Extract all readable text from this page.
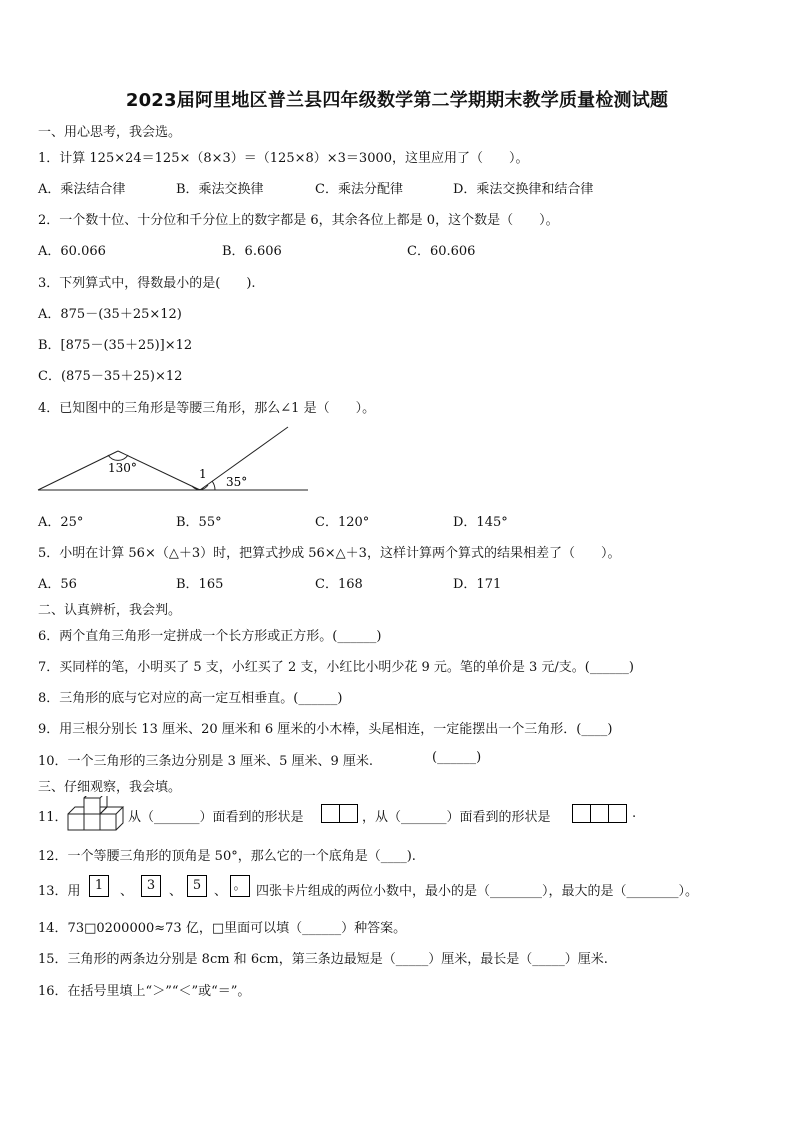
2023届阿里地区普兰县四年级数学第二学期期末教学质量检测试题
一、用心思考，我会选。
1．计算 125×24＝125×（8×3）＝（125×8）×3＝3000，这里应用了（　　）。
A．乘法结合律	B．乘法交换律	C．乘法分配律	D．乘法交换律和结合律
2．一个数十位、十分位和千分位上的数字都是 6，其余各位上都是 0，这个数是（　　）。
A．60.066	B．6.606	C．60.606
3．下列算式中，得数最小的是(　　).
A．875－(35＋25×12)
B．[875－(35＋25)]×12
C．(875－35＋25)×12
4．已知图中的三角形是等腰三角形，那么∠1 是（　　）。
130°	1
35°
A．25°	B．55°	C．120°	D．145°
5．小明在计算 56×（△＋3）时，把算式抄成 56×△＋3，这样计算两个算式的结果相差了（　　）。
A．56	B．165	C．168	D．171
二、认真辨析，我会判。
6．两个直角三角形一定拼成一个长方形或正方形。(______)
7．买同样的笔，小明买了 5 支，小红买了 2 支，小红比小明少花 9 元。笔的单价是 3 元/支。(______)
8．三角形的底与它对应的高一定互相垂直。(______)
9．用三根分别长 13 厘米、20 厘米和 6 厘米的小木棒，头尾相连，一定能摆出一个三角形．(____)
10．一个三角形的三条边分别是 3 厘米、5 厘米、9 厘米.	(______)
三、仔细观察，我会填。
11．	从（_______）面看到的形状是	，从（_______）面看到的形状是	.
12．一个等腰三角形的顶角是 50°，那么它的一个底角是（____).
13．用	1	、	3	、 5 、 。 四张卡片组成的两位小数中，最小的是（________），最大的是（________）。
14．73□0200000≈73 亿，□里面可以填（______）种答案。
15．三角形的两条边分别是 8cm 和 6cm，第三条边最短是（_____）厘米，最长是（_____）厘米.
16．在括号里填上“＞”“＜”或“＝”。
